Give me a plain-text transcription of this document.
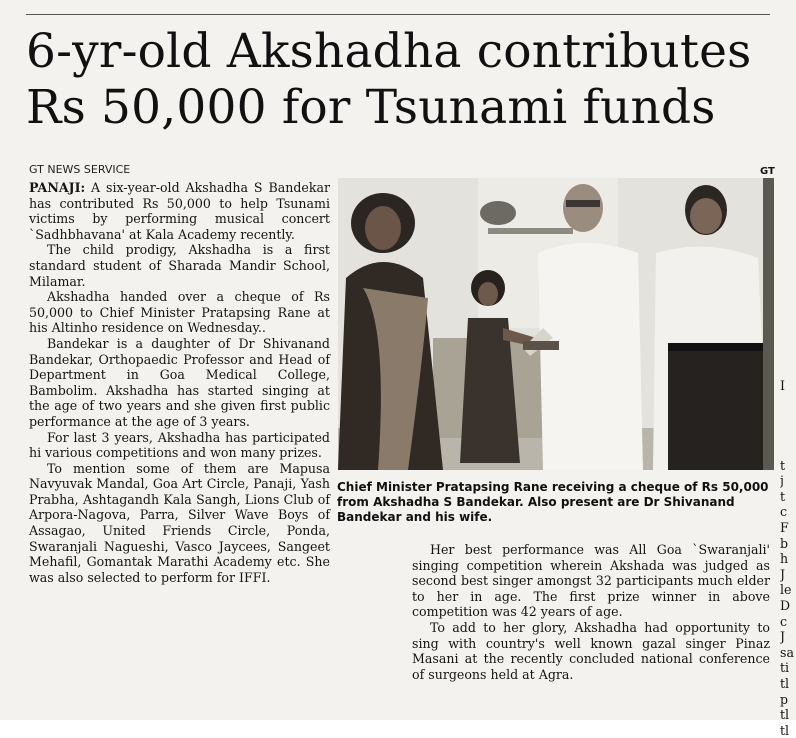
6-yr-old Akshadha contributes
Rs 50,000 for Tsunami funds
GT NEWS SERVICE	GT

PANAJI: A six-year-old Akshadha S Bandekar has contributed Rs 50,000 to help Tsunami victims by performing musical concert `Sadhbhavana' at Kala Academy recently.

The child prodigy, Akshadha is a first standard student of Sharada Mandir School, Milamar.

Akshadha handed over a cheque of Rs 50,000 to Chief Minister Pratapsing Rane at his Altinho residence on Wednesday..

Bandekar is a daughter of Dr Shivanand Bandekar, Orthopaedic Professor and Head of Department in Goa Medical College, Bambolim. Akshadha has started singing at the age of two years and she given first public performance at the age of 3 years.

For last 3 years, Akshadha has participated hi various competitions and won many prizes.

To mention some of them are Mapusa Navyuvak Mandal, Goa Art Circle, Panaji, Yash Prabha, Ashtagandh Kala Sangh, Lions Club of Arpora-Nagova, Parra, Silver Wave Boys of Assagao, United Friends Circle, Ponda, Swaranjali Nagueshi, Vasco Jaycees, Sangeet Mehafil, Gomantak Marathi Academy etc. She was also selected to perform for IFFI.

Chief Minister Pratapsing Rane receiving a cheque of Rs 50,000 from Akshadha S Bandekar. Also present are Dr Shivanand Bandekar and his wife.

Her best performance was All Goa `Swaranjali' singing competition wherein Akshada was judged as second best singer amongst 32 participants much elder to her in age. The first prize winner in above competition was 42 years of age.

To add to her glory, Akshadha had opportunity to sing with country's well known gazal singer Pinaz Masani at the recently concluded national conference of surgeons held at Agra.

I
t
j
t
c
F
b
h
J
le
D
c
J
sa
ti
tl
p
tl
tl
